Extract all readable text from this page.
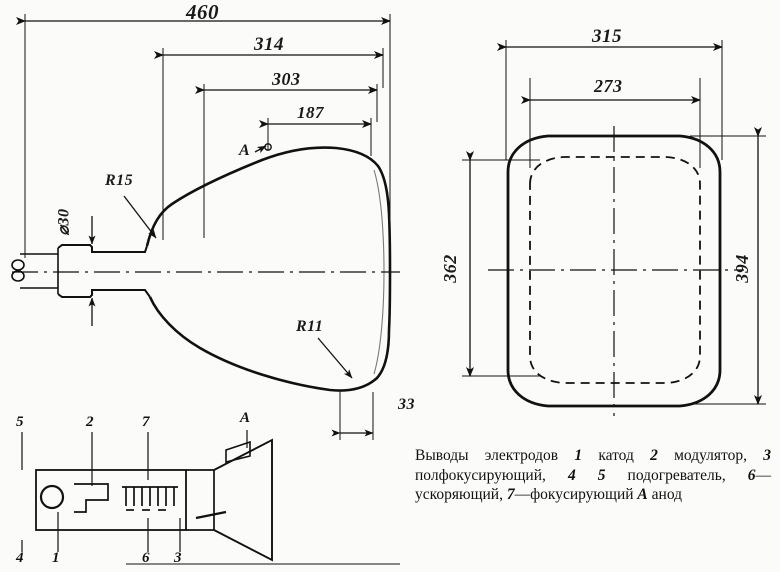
460
314
303
187
⌀30
R15
R11
33
A
315
273
362	394
5	2	7	A
4 1	6 3
Выводы электродов 1 катод 2 модулятор, 3 полфокусирующий, 4 5 подогреватель, 6—ускоряющий, 7—фокусирующий A анод
